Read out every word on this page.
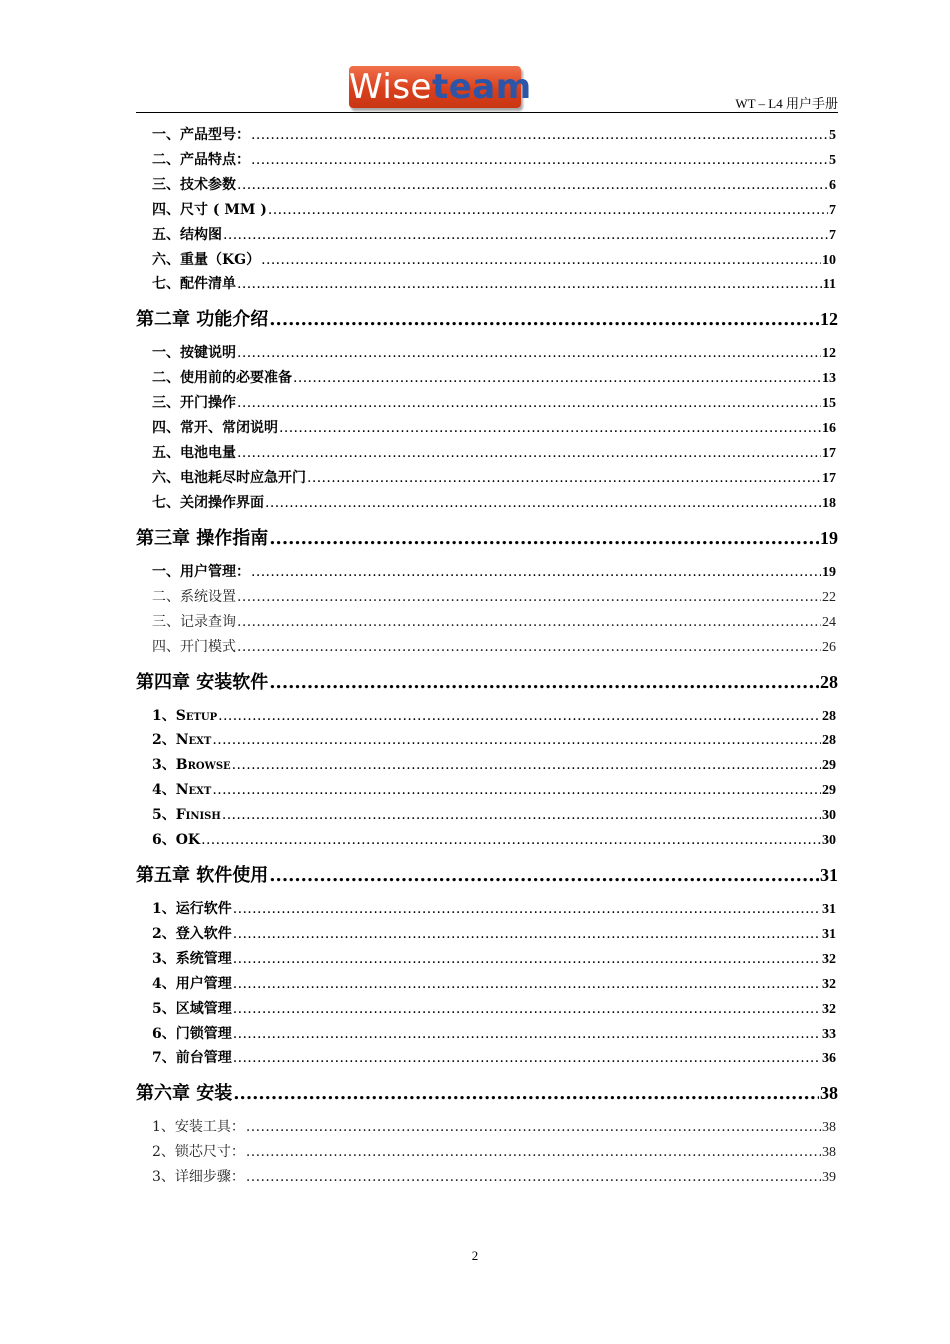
Wiseteam	WT – L4 用户手册
一、产品型号： .....	5
二、产品特点： .....	5
三、技术参数 .....	6
四、尺寸 ( MM ) .....	7
五、结构图 .....	7
六、重量（KG） .....	10
七、配件清单 .....	11
第二章 功能介绍 .....	12
一、按键说明 .....	12
二、使用前的必要准备 .....	13
三、开门操作 .....	15
四、常开、常闭说明 .....	16
五、电池电量 .....	17
六、电池耗尽时应急开门 .....	17
七、关闭操作界面 .....	18
第三章 操作指南 .....	19
一、用户管理： .....	19
二、系统设置 .....	22
三、记录查询 .....	24
四、开门模式 .....	26
第四章 安装软件 .....	28
1、Setup .....	28
2、Next .....	28
3、Browse .....	29
4、Next .....	29
5、Finish .....	30
6、OK .....	30
第五章 软件使用 .....	31
1、运行软件 .....	31
2、登入软件 .....	31
3、系统管理 .....	32
4、用户管理 .....	32
5、区域管理 .....	32
6、门锁管理 .....	33
7、前台管理 .....	36
第六章 安装 .....	38
1、安装工具： .....	38
2、锁芯尺寸： .....	38
3、详细步骤： .....	39
2
